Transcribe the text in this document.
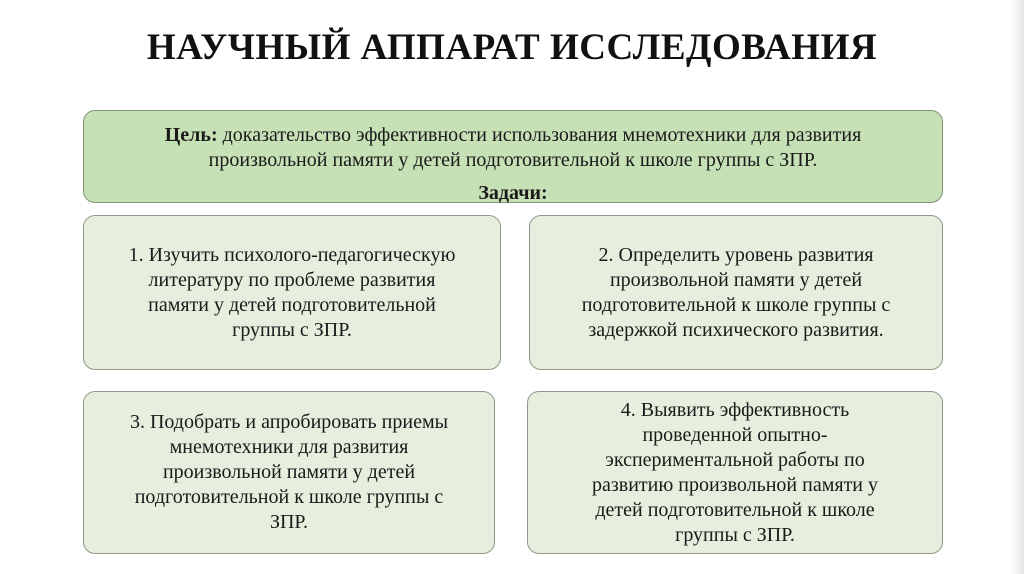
НАУЧНЫЙ АППАРАТ ИССЛЕДОВАНИЯ
Цель: доказательство эффективности использования мнемотехники для развития
произвольной памяти у детей подготовительной к школе группы с ЗПР.
Задачи:
1. Изучить психолого-педагогическую
литературу по проблеме развития
памяти у детей подготовительной
группы с ЗПР.
2. Определить уровень развития
произвольной памяти у детей
подготовительной к школе группы с
задержкой психического развития.
3. Подобрать и апробировать приемы
мнемотехники для развития
произвольной памяти у детей
подготовительной к школе группы с
ЗПР.
4. Выявить эффективность
проведенной опытно-
экспериментальной работы по
развитию произвольной памяти у
детей подготовительной к школе
группы с ЗПР.
